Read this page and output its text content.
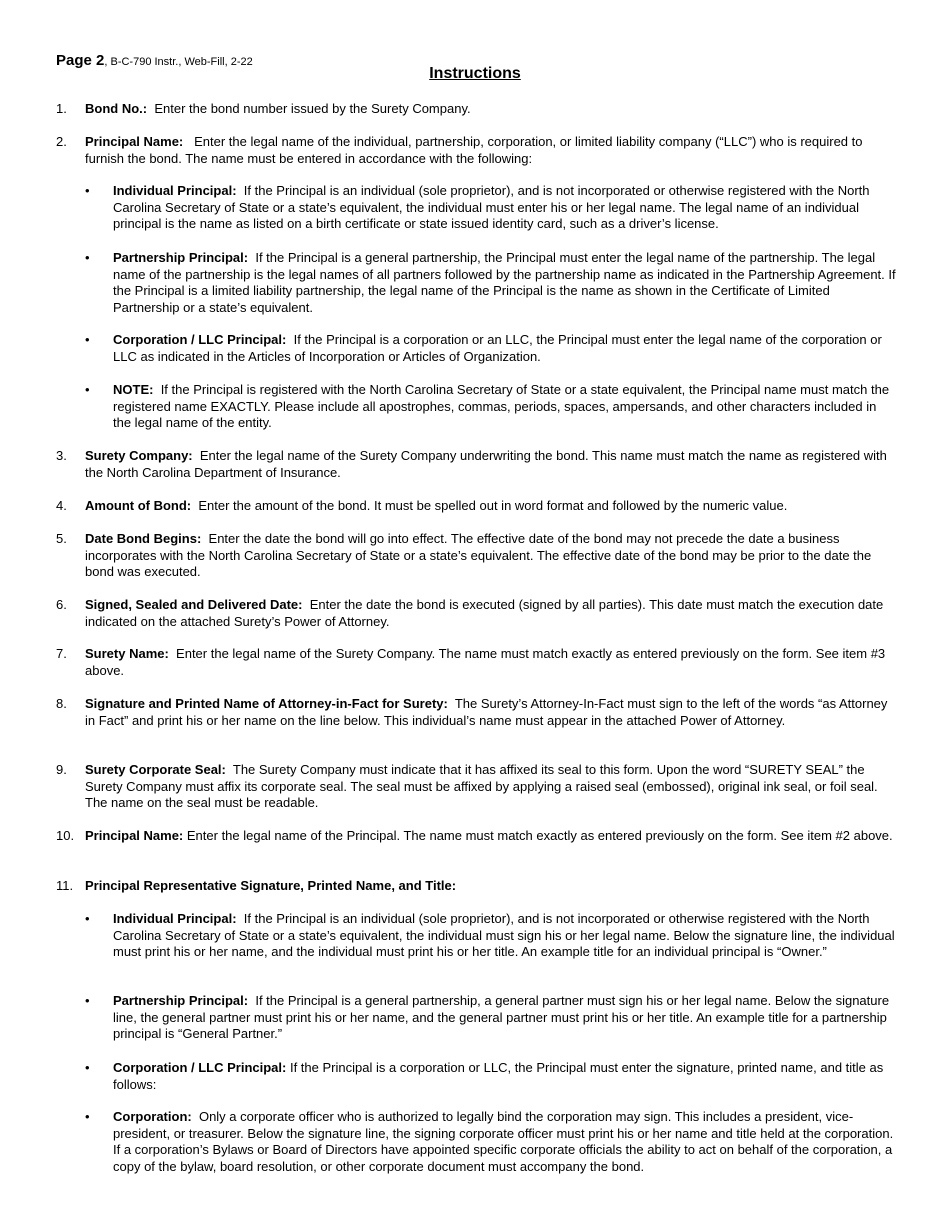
Page 2, B-C-790 Instr., Web-Fill, 2-22
Instructions
1. Bond No.: Enter the bond number issued by the Surety Company.
2. Principal Name: Enter the legal name of the individual, partnership, corporation, or limited liability company (“LLC”) who is required to furnish the bond. The name must be entered in accordance with the following:
• Individual Principal: If the Principal is an individual (sole proprietor), and is not incorporated or otherwise registered with the North Carolina Secretary of State or a state’s equivalent, the individual must enter his or her legal name. The legal name of an individual principal is the name as listed on a birth certificate or state issued identity card, such as a driver’s license.
• Partnership Principal: If the Principal is a general partnership, the Principal must enter the legal name of the partnership. The legal name of the partnership is the legal names of all partners followed by the partnership name as indicated in the Partnership Agreement. If the Principal is a limited liability partnership, the legal name of the Principal is the name as shown in the Certificate of Limited Partnership or a state’s equivalent.
• Corporation / LLC Principal: If the Principal is a corporation or an LLC, the Principal must enter the legal name of the corporation or LLC as indicated in the Articles of Incorporation or Articles of Organization.
• NOTE: If the Principal is registered with the North Carolina Secretary of State or a state equivalent, the Principal name must match the registered name EXACTLY. Please include all apostrophes, commas, periods, spaces, ampersands, and other characters included in the legal name of the entity.
3. Surety Company: Enter the legal name of the Surety Company underwriting the bond. This name must match the name as registered with the North Carolina Department of Insurance.
4. Amount of Bond: Enter the amount of the bond. It must be spelled out in word format and followed by the numeric value.
5. Date Bond Begins: Enter the date the bond will go into effect. The effective date of the bond may not precede the date a business incorporates with the North Carolina Secretary of State or a state’s equivalent. The effective date of the bond may be prior to the date the bond was executed.
6. Signed, Sealed and Delivered Date: Enter the date the bond is executed (signed by all parties). This date must match the execution date indicated on the attached Surety’s Power of Attorney.
7. Surety Name: Enter the legal name of the Surety Company. The name must match exactly as entered previously on the form. See item #3 above.
8. Signature and Printed Name of Attorney-in-Fact for Surety: The Surety’s Attorney-In-Fact must sign to the left of the words “as Attorney in Fact” and print his or her name on the line below. This individual’s name must appear in the attached Power of Attorney.
9. Surety Corporate Seal: The Surety Company must indicate that it has affixed its seal to this form. Upon the word “SURETY SEAL” the Surety Company must affix its corporate seal. The seal must be affixed by applying a raised seal (embossed), original ink seal, or foil seal. The name on the seal must be readable.
10. Principal Name: Enter the legal name of the Principal. The name must match exactly as entered previously on the form. See item #2 above.
11. Principal Representative Signature, Printed Name, and Title:
• Individual Principal: If the Principal is an individual (sole proprietor), and is not incorporated or otherwise registered with the North Carolina Secretary of State or a state’s equivalent, the individual must sign his or her legal name. Below the signature line, the individual must print his or her name, and the individual must print his or her title. An example title for an individual principal is “Owner.”
• Partnership Principal: If the Principal is a general partnership, a general partner must sign his or her legal name. Below the signature line, the general partner must print his or her name, and the general partner must print his or her title. An example title for a partnership principal is “General Partner.”
• Corporation / LLC Principal: If the Principal is a corporation or LLC, the Principal must enter the signature, printed name, and title as follows:
• Corporation: Only a corporate officer who is authorized to legally bind the corporation may sign. This includes a president, vice-president, or treasurer. Below the signature line, the signing corporate officer must print his or her name and title held at the corporation. If a corporation’s Bylaws or Board of Directors have appointed specific corporate officials the ability to act on behalf of the corporation, a copy of the bylaw, board resolution, or other corporate document must accompany the bond.
